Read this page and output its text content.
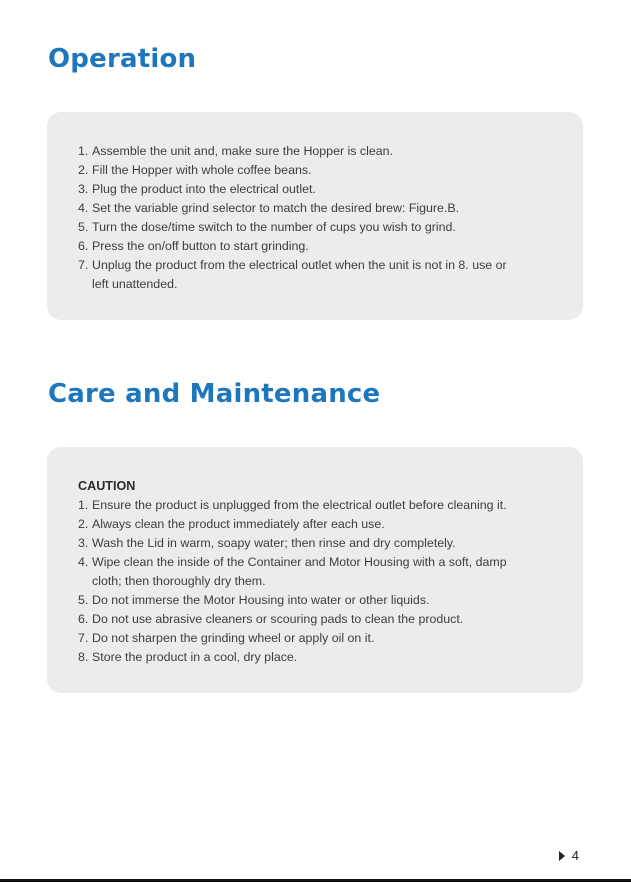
Operation
1. Assemble the unit and, make sure the Hopper is clean.
2. Fill the Hopper with whole coffee beans.
3. Plug the product into the electrical outlet.
4. Set the variable grind selector to match the desired brew: Figure.B.
5. Turn the dose/time switch to the number of cups you wish to grind.
6. Press the on/off button to start grinding.
7. Unplug the product from the electrical outlet when the unit is not in 8. use or
left unattended.
Care and Maintenance
CAUTION
1. Ensure the product is unplugged from the electrical outlet before cleaning it.
2. Always clean the product immediately after each use.
3. Wash the Lid in warm, soapy water; then rinse and dry completely.
4. Wipe clean the inside of the Container and Motor Housing with a soft, damp
cloth; then thoroughly dry them.
5. Do not immerse the Motor Housing into water or other liquids.
6. Do not use abrasive cleaners or scouring pads to clean the product.
7. Do not sharpen the grinding wheel or apply oil on it.
8. Store the product in a cool, dry place.
4
